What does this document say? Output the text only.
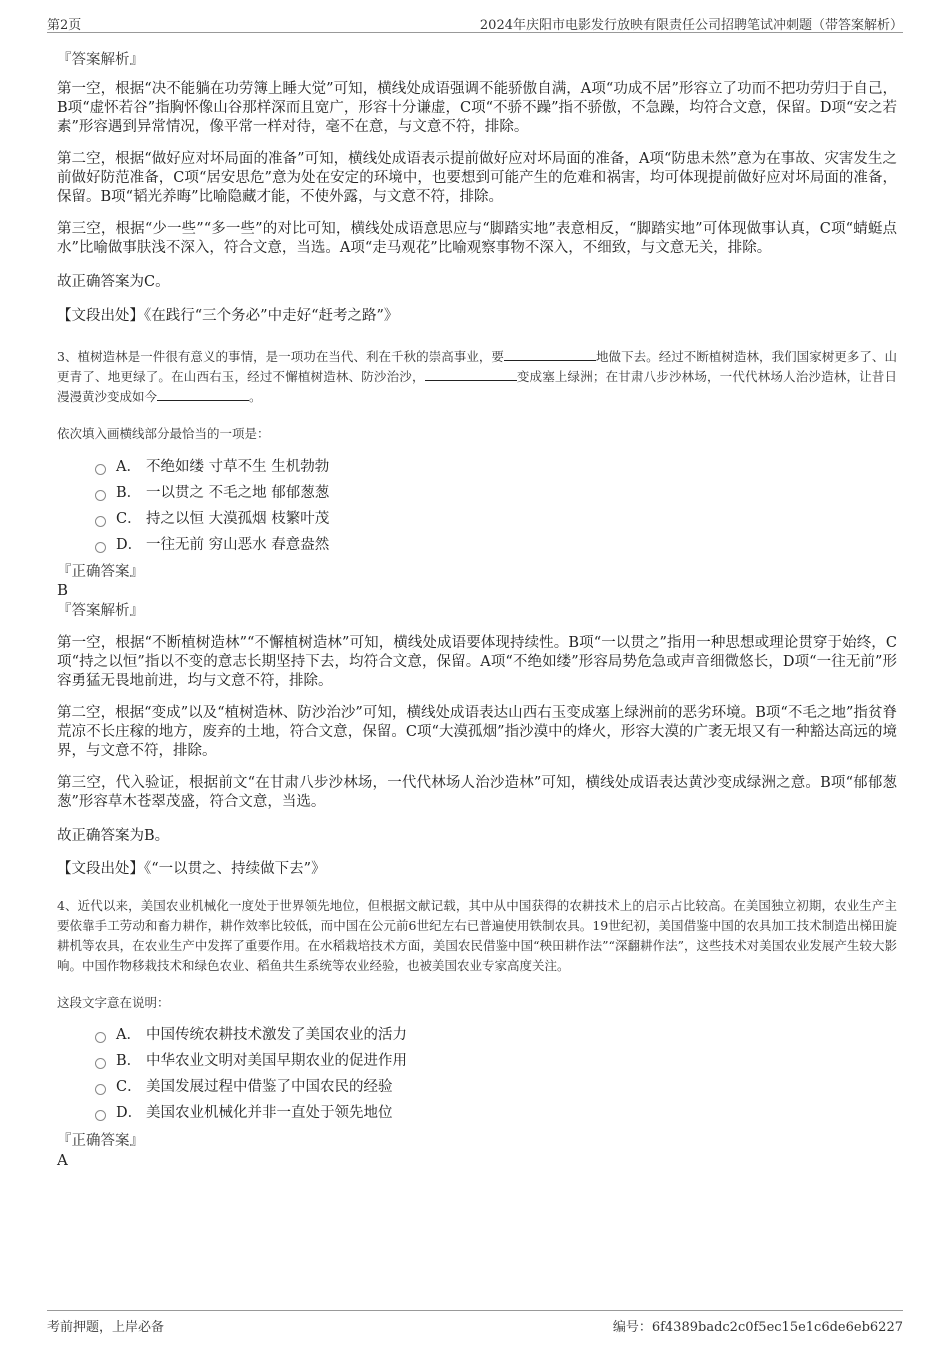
第2页	2024年庆阳市电影发行放映有限责任公司招聘笔试冲刺题（带答案解析）
『答案解析』

第一空，根据“决不能躺在功劳簿上睡大觉”可知，横线处成语强调不能骄傲自满，A项“功成不居”形容立了功而不把功劳归于自己，B项“虚怀若谷”指胸怀像山谷那样深而且宽广，形容十分谦虚，C项“不骄不躁”指不骄傲，不急躁，均符合文意，保留。D项“安之若素”形容遇到异常情况，像平常一样对待，毫不在意，与文意不符，排除。

第二空，根据“做好应对坏局面的准备”可知，横线处成语表示提前做好应对坏局面的准备，A项“防患未然”意为在事故、灾害发生之前做好防范准备，C项“居安思危”意为处在安定的环境中，也要想到可能产生的危难和祸害，均可体现提前做好应对坏局面的准备，保留。B项“韬光养晦”比喻隐藏才能，不使外露，与文意不符，排除。

第三空，根据“少一些”“多一些”的对比可知，横线处成语意思应与“脚踏实地”表意相反，“脚踏实地”可体现做事认真，C项“蜻蜓点水”比喻做事肤浅不深入，符合文意，当选。A项“走马观花”比喻观察事物不深入，不细致，与文意无关，排除。

故正确答案为C。

【文段出处】《在践行“三个务必”中走好“赶考之路”》

3、植树造林是一件很有意义的事情，是一项功在当代、利在千秋的崇高事业，要	地做下去。经过不断植树造林，我们国家树更多了、山更青了、地更绿了。在山西右玉，经过不懈植树造林、防沙治沙，	变成塞上绿洲；在甘肃八步沙林场，一代代林场人治沙造林，让昔日漫漫黄沙变成如今	。

依次填入画横线部分最恰当的一项是：
A． 不绝如缕 寸草不生 生机勃勃
B． 一以贯之 不毛之地 郁郁葱葱
C． 持之以恒 大漠孤烟 枝繁叶茂
D． 一往无前 穷山恶水 春意盎然
『正确答案』
B
『答案解析』

第一空，根据“不断植树造林”“不懈植树造林”可知，横线处成语要体现持续性。B项“一以贯之”指用一种思想或理论贯穿于始终，C项“持之以恒”指以不变的意志长期坚持下去，均符合文意，保留。A项“不绝如缕”形容局势危急或声音细微悠长，D项“一往无前”形容勇猛无畏地前进，均与文意不符，排除。

第二空，根据“变成”以及“植树造林、防沙治沙”可知，横线处成语表达山西右玉变成塞上绿洲前的恶劣环境。B项“不毛之地”指贫脊荒凉不长庄稼的地方，废弃的土地，符合文意，保留。C项“大漠孤烟”指沙漠中的烽火，形容大漠的广袤无垠又有一种豁达高远的境界，与文意不符，排除。

第三空，代入验证，根据前文“在甘肃八步沙林场，一代代林场人治沙造林”可知，横线处成语表达黄沙变成绿洲之意。B项“郁郁葱葱”形容草木苍翠茂盛，符合文意，当选。

故正确答案为B。

【文段出处】《“一以贯之、持续做下去”》

4、近代以来，美国农业机械化一度处于世界领先地位，但根据文献记载，其中从中国获得的农耕技术上的启示占比较高。在美国独立初期，农业生产主要依靠手工劳动和畜力耕作，耕作效率比较低，而中国在公元前6世纪左右已普遍使用铁制农具。19世纪初，美国借鉴中国的农具加工技术制造出梯田旋耕机等农具，在农业生产中发挥了重要作用。在水稻栽培技术方面，美国农民借鉴中国“秧田耕作法”“深翻耕作法”，这些技术对美国农业发展产生较大影响。中国作物移栽技术和绿色农业、稻鱼共生系统等农业经验，也被美国农业专家高度关注。

这段文字意在说明：
A． 中国传统农耕技术激发了美国农业的活力
B． 中华农业文明对美国早期农业的促进作用
C． 美国发展过程中借鉴了中国农民的经验
D． 美国农业机械化并非一直处于领先地位
『正确答案』
A
考前押题，上岸必备	编号：6f4389badc2c0f5ec15e1c6de6eb6227
